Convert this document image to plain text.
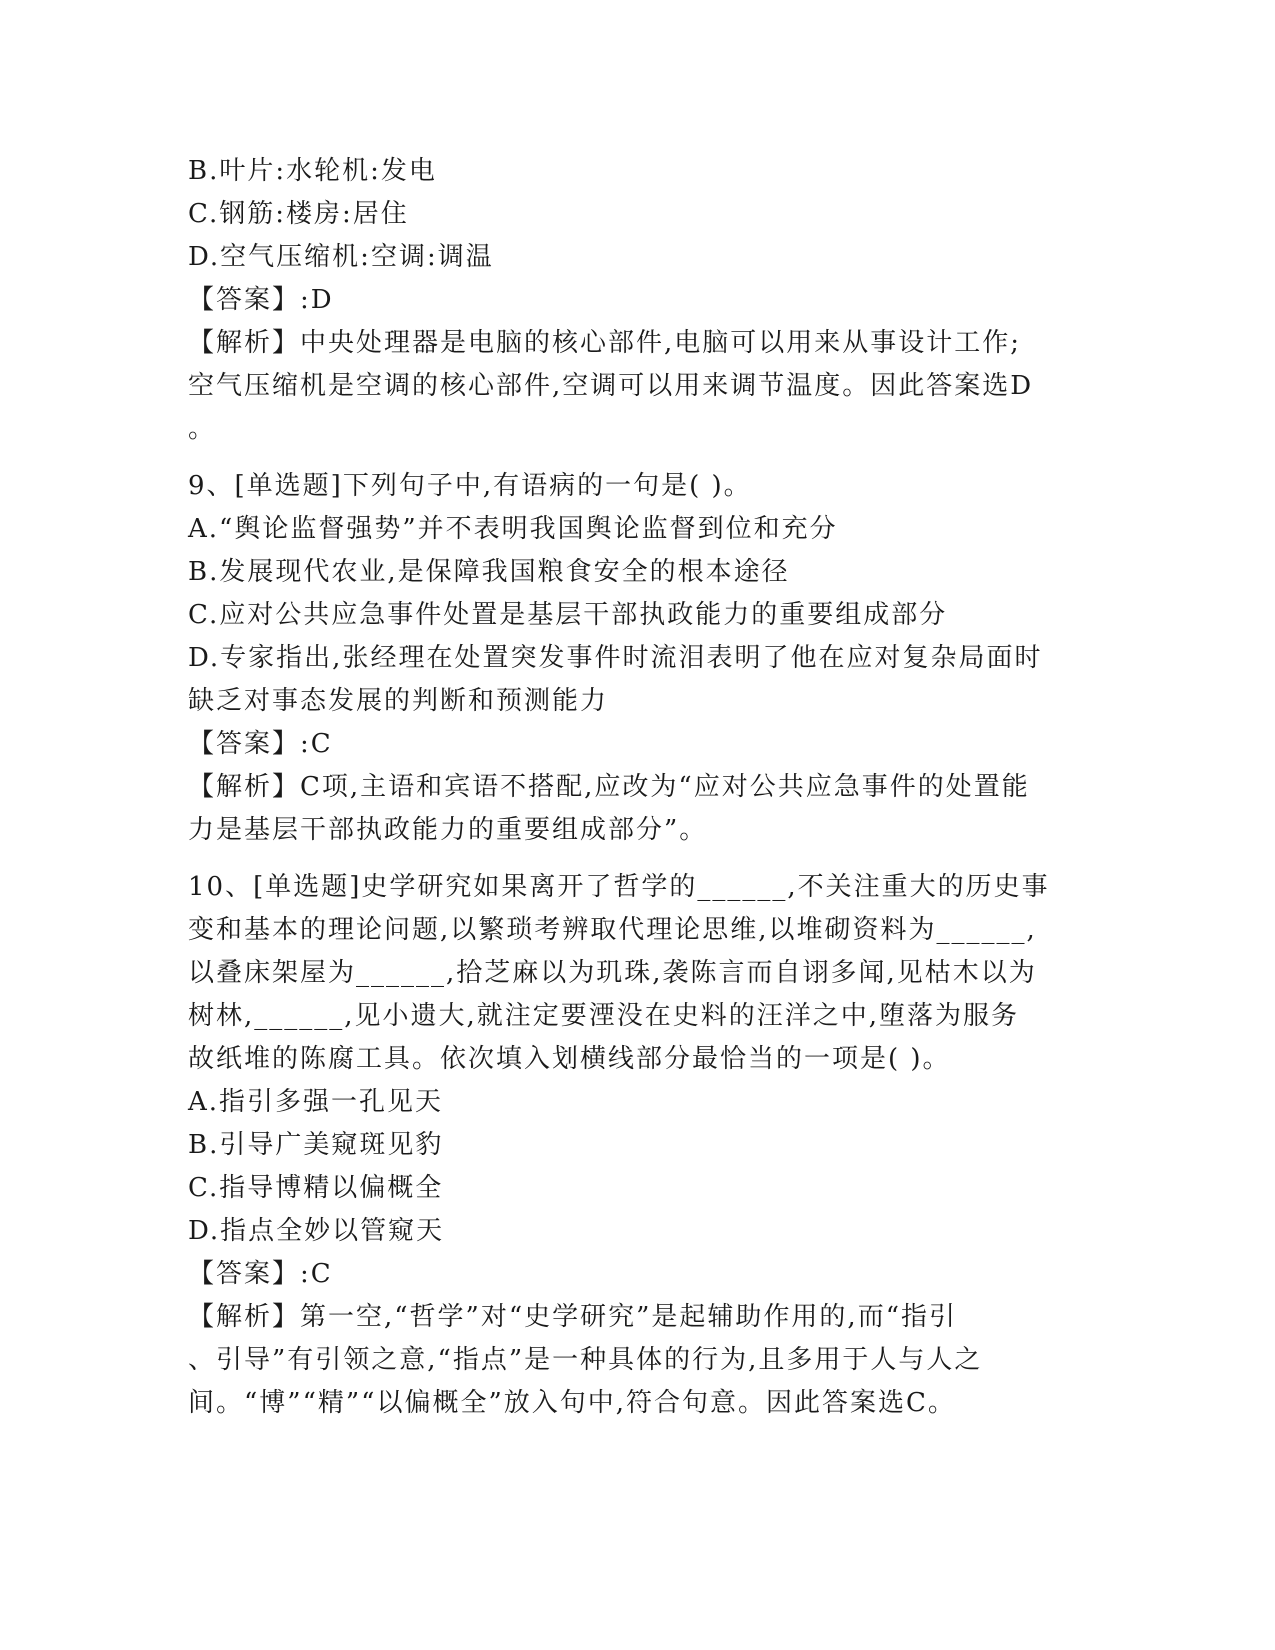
B.叶片:水轮机:发电
C.钢筋:楼房:居住
D.空气压缩机:空调:调温
【答案】:D
【解析】中央处理器是电脑的核心部件,电脑可以用来从事设计工作;
空气压缩机是空调的核心部件,空调可以用来调节温度。因此答案选D
。
9、[单选题]下列句子中,有语病的一句是( )。
A.“舆论监督强势”并不表明我国舆论监督到位和充分
B.发展现代农业,是保障我国粮食安全的根本途径
C.应对公共应急事件处置是基层干部执政能力的重要组成部分
D.专家指出,张经理在处置突发事件时流泪表明了他在应对复杂局面时
缺乏对事态发展的判断和预测能力
【答案】:C
【解析】C项,主语和宾语不搭配,应改为“应对公共应急事件的处置能
力是基层干部执政能力的重要组成部分”。
10、[单选题]史学研究如果离开了哲学的______,不关注重大的历史事
变和基本的理论问题,以繁琐考辨取代理论思维,以堆砌资料为______,
以叠床架屋为______,拾芝麻以为玑珠,袭陈言而自诩多闻,见枯木以为
树林,______,见小遗大,就注定要湮没在史料的汪洋之中,堕落为服务
故纸堆的陈腐工具。依次填入划横线部分最恰当的一项是( )。
A.指引多强一孔见天
B.引导广美窥斑见豹
C.指导博精以偏概全
D.指点全妙以管窥天
【答案】:C
【解析】第一空,“哲学”对“史学研究”是起辅助作用的,而“指引
、引导”有引领之意,“指点”是一种具体的行为,且多用于人与人之
间。“博”“精”“以偏概全”放入句中,符合句意。因此答案选C。
